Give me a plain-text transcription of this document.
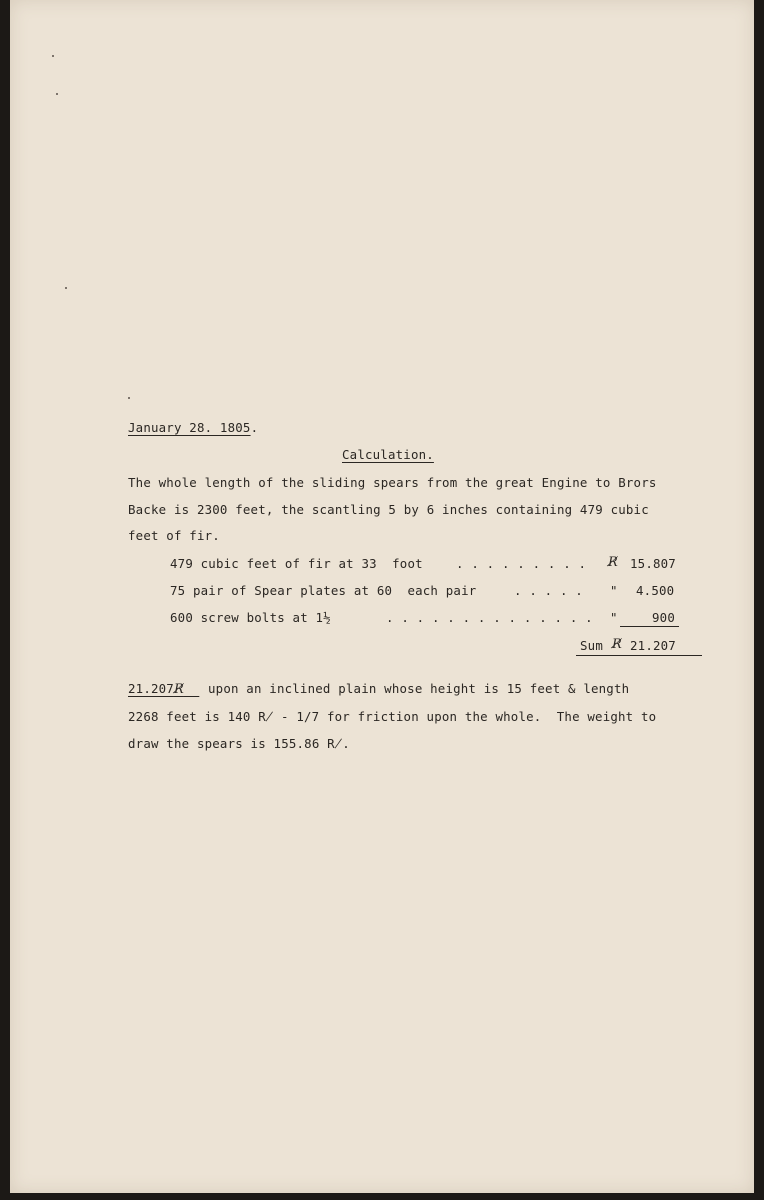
January 28. 1805.
Calculation.
The whole length of the sliding spears from the great Engine to Brors
Backe is 2300 feet, the scantling 5 by 6 inches containing 479 cubic
feet of fir.
479 cubic feet of fir at 33  foot	. . . . . . . . . R̸ 15.807
75 pair of Spear plates at 60  each pair	. . . . . " 4.500
600 screw bolts at 1½	. . . . . . . . . . . . . . "	900
Sum R̸ 21.207
21.207R̸	upon an inclined plain whose height is 15 feet & length
2268 feet is 140 R̸ - 1/7 for friction upon the whole.  The weight to
draw the spears is 155.86 R̸.
